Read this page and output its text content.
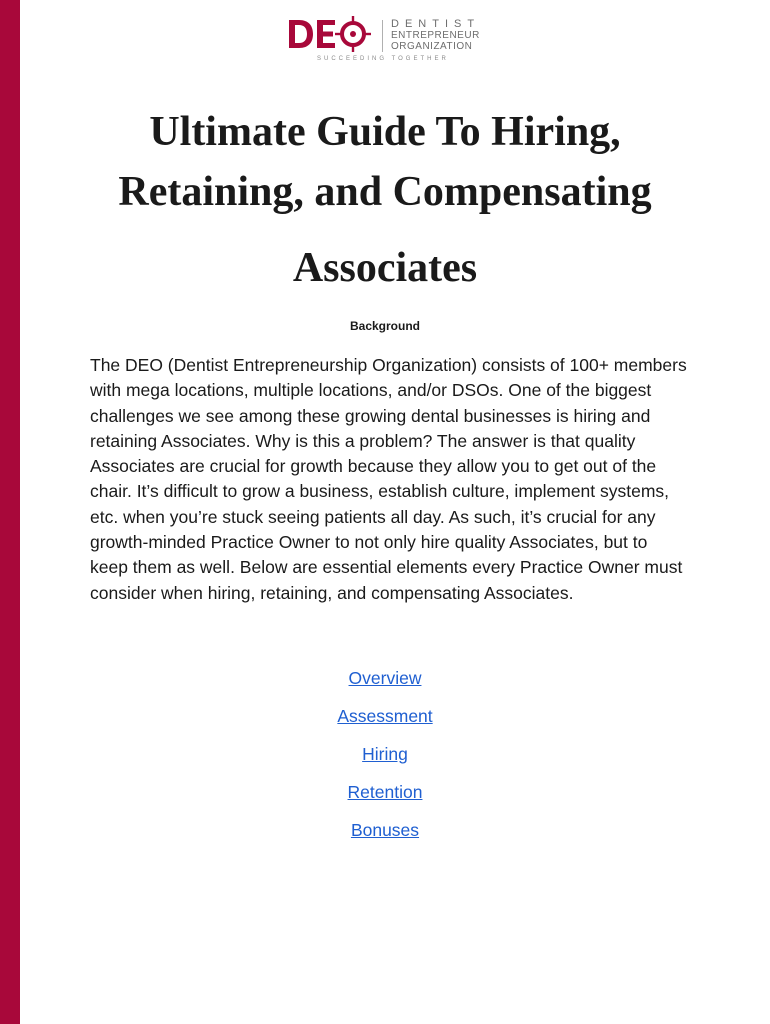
DENTIST
ENTREPRENEUR
ORGANIZATION
SUCCEEDING TOGETHER
Ultimate Guide To Hiring,
Retaining, and Compensating
Associates
Background

The DEO (Dentist Entrepreneurship Organization) consists of 100+ members with mega locations, multiple locations, and/or DSOs. One of the biggest challenges we see among these growing dental businesses is hiring and retaining Associates. Why is this a problem? The answer is that quality Associates are crucial for growth because they allow you to get out of the chair. It’s difficult to grow a business, establish culture, implement systems, etc. when you’re stuck seeing patients all day. As such, it’s crucial for any growth-minded Practice Owner to not only hire quality Associates, but to keep them as well. Below are essential elements every Practice Owner must consider when hiring, retaining, and compensating Associates.

Overview
Assessment
Hiring
Retention
Bonuses
